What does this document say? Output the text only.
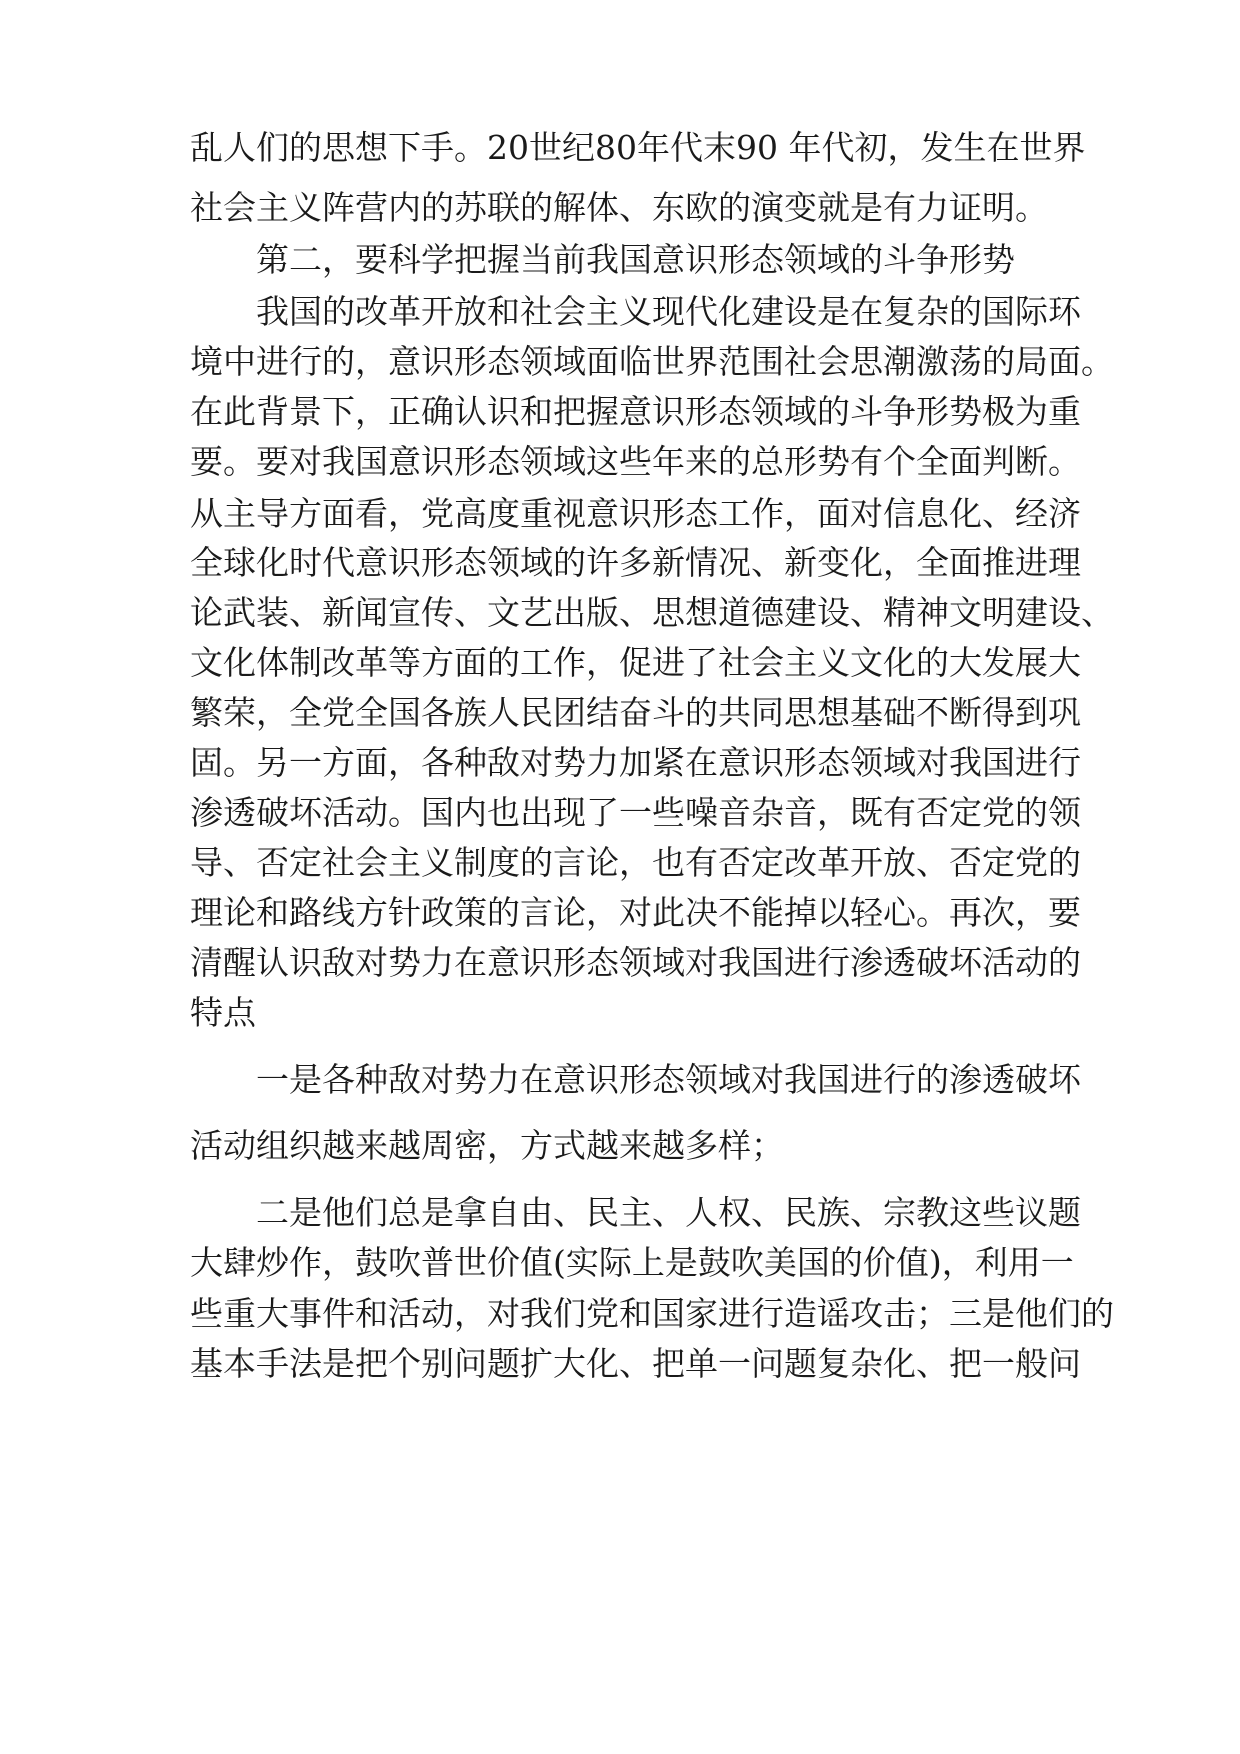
乱人们的思想下手。20世纪80年代末90 年代初，发生在世界
社会主义阵营内的苏联的解体、东欧的演变就是有力证明。
第二，要科学把握当前我国意识形态领域的斗争形势
我国的改革开放和社会主义现代化建设是在复杂的国际环
境中进行的，意识形态领域面临世界范围社会思潮激荡的局面。
在此背景下，正确认识和把握意识形态领域的斗争形势极为重
要。要对我国意识形态领域这些年来的总形势有个全面判断。
从主导方面看，党高度重视意识形态工作，面对信息化、经济
全球化时代意识形态领域的许多新情况、新变化，全面推进理
论武装、新闻宣传、文艺出版、思想道德建设、精神文明建设、
文化体制改革等方面的工作，促进了社会主义文化的大发展大
繁荣，全党全国各族人民团结奋斗的共同思想基础不断得到巩
固。另一方面，各种敌对势力加紧在意识形态领域对我国进行
渗透破坏活动。国内也出现了一些噪音杂音，既有否定党的领
导、否定社会主义制度的言论，也有否定改革开放、否定党的
理论和路线方针政策的言论，对此决不能掉以轻心。再次，要
清醒认识敌对势力在意识形态领域对我国进行渗透破坏活动的
特点
一是各种敌对势力在意识形态领域对我国进行的渗透破坏
活动组织越来越周密，方式越来越多样；
二是他们总是拿自由、民主、人权、民族、宗教这些议题
大肆炒作，鼓吹普世价值(实际上是鼓吹美国的价值)，利用一
些重大事件和活动，对我们党和国家进行造谣攻击；三是他们的
基本手法是把个别问题扩大化、把单一问题复杂化、把一般问
